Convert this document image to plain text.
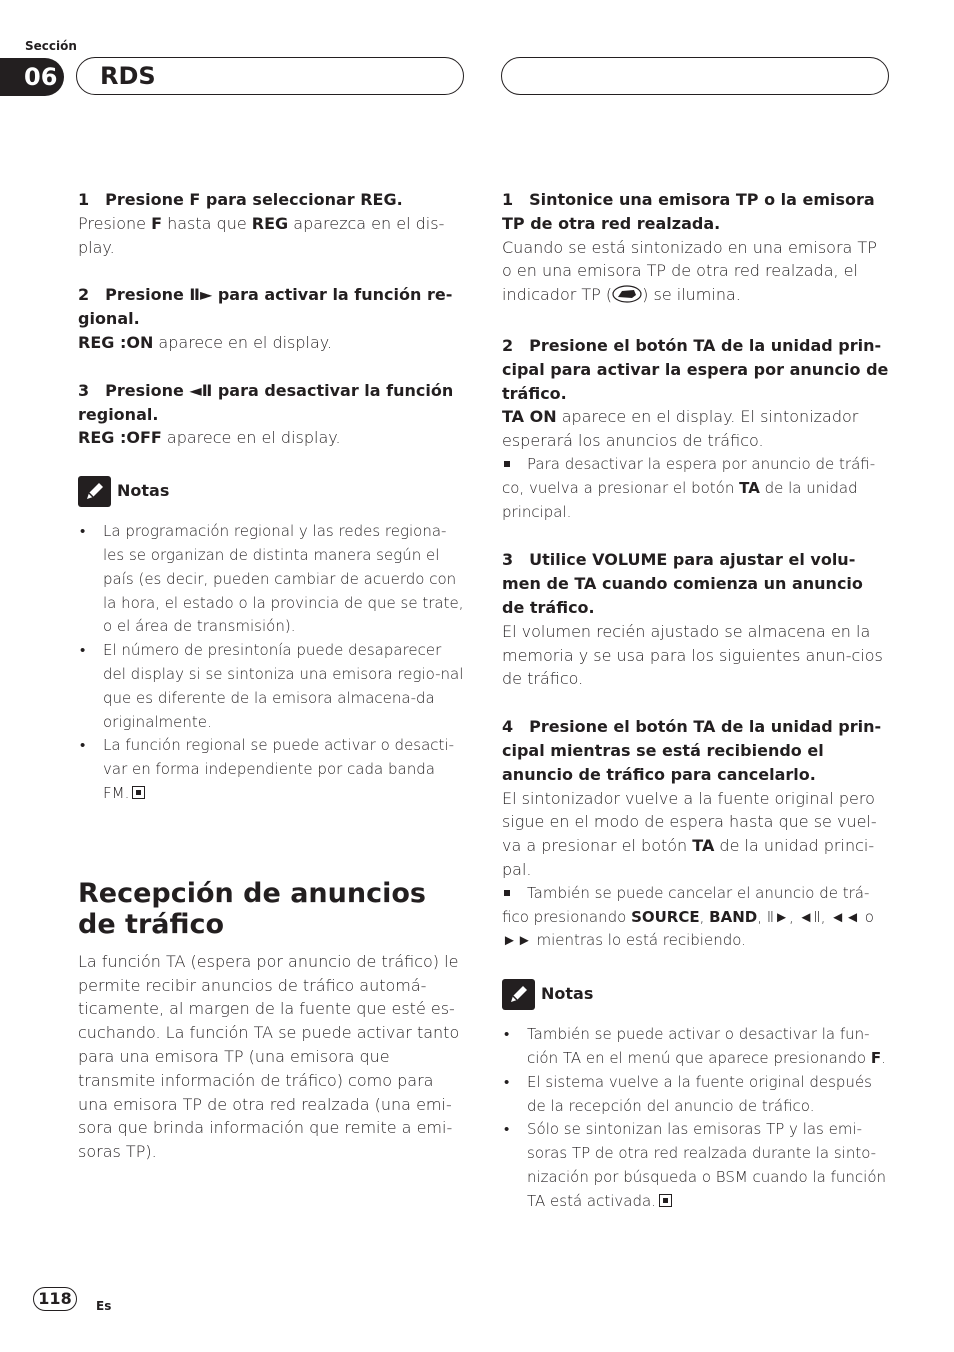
Sección
06 RDS

1 Presione F para seleccionar REG.

Presione F hasta que REG aparezca en el dis-play.

2 Presione Ⅱ► para activar la función re-gional.

REG :ON aparece en el display.

3 Presione ◄Ⅱ para desactivar la función regional.

REG :OFF aparece en el display.

Notas
• La programación regional y las redes regiona-les se organizan de distinta manera según el país (es decir, pueden cambiar de acuerdo con la hora, el estado o la provincia de que se trate, o el área de transmisión).
• El número de presintonía puede desaparecer del display si se sintoniza una emisora regio-nal que es diferente de la emisora almacena-da originalmente.
• La función regional se puede activar o desacti-var en forma independiente por cada banda FM.
Recepción de anuncios de tráfico

La función TA (espera por anuncio de tráfico) le permite recibir anuncios de tráfico automá-ticamente, al margen de la fuente que esté es-cuchando. La función TA se puede activar tanto para una emisora TP (una emisora que transmite información de tráfico) como para una emisora TP de otra red realzada (una emi-sora que brinda información que remite a emi-soras TP).

1 Sintonice una emisora TP o la emisora TP de otra red realzada.

Cuando se está sintonizado en una emisora TP o en una emisora TP de otra red realzada, el indicador TP ( ) se ilumina.

2 Presione el botón TA de la unidad prin-cipal para activar la espera por anuncio de tráfico.

TA ON aparece en el display. El sintonizador esperará los anuncios de tráfico.

Para desactivar la espera por anuncio de tráfi-co, vuelva a presionar el botón TA de la unidad principal.

3 Utilice VOLUME para ajustar el volu-men de TA cuando comienza un anuncio de tráfico.

El volumen recién ajustado se almacena en la memoria y se usa para los siguientes anun-cios de tráfico.

4 Presione el botón TA de la unidad prin-cipal mientras se está recibiendo el anuncio de tráfico para cancelarlo.

El sintonizador vuelve a la fuente original pero sigue en el modo de espera hasta que se vuel-va a presionar el botón TA de la unidad princi-pal.

También se puede cancelar el anuncio de trá-fico presionando SOURCE, BAND, Ⅱ►, ◄Ⅱ, ◄◄ o ►► mientras lo está recibiendo.

Notas
• También se puede activar o desactivar la fun-ción TA en el menú que aparece presionando F.
• El sistema vuelve a la fuente original después de la recepción del anuncio de tráfico.
• Sólo se sintonizan las emisoras TP y las emi-soras TP de otra red realzada durante la sinto-nización por búsqueda o BSM cuando la función TA está activada.
118	Es
